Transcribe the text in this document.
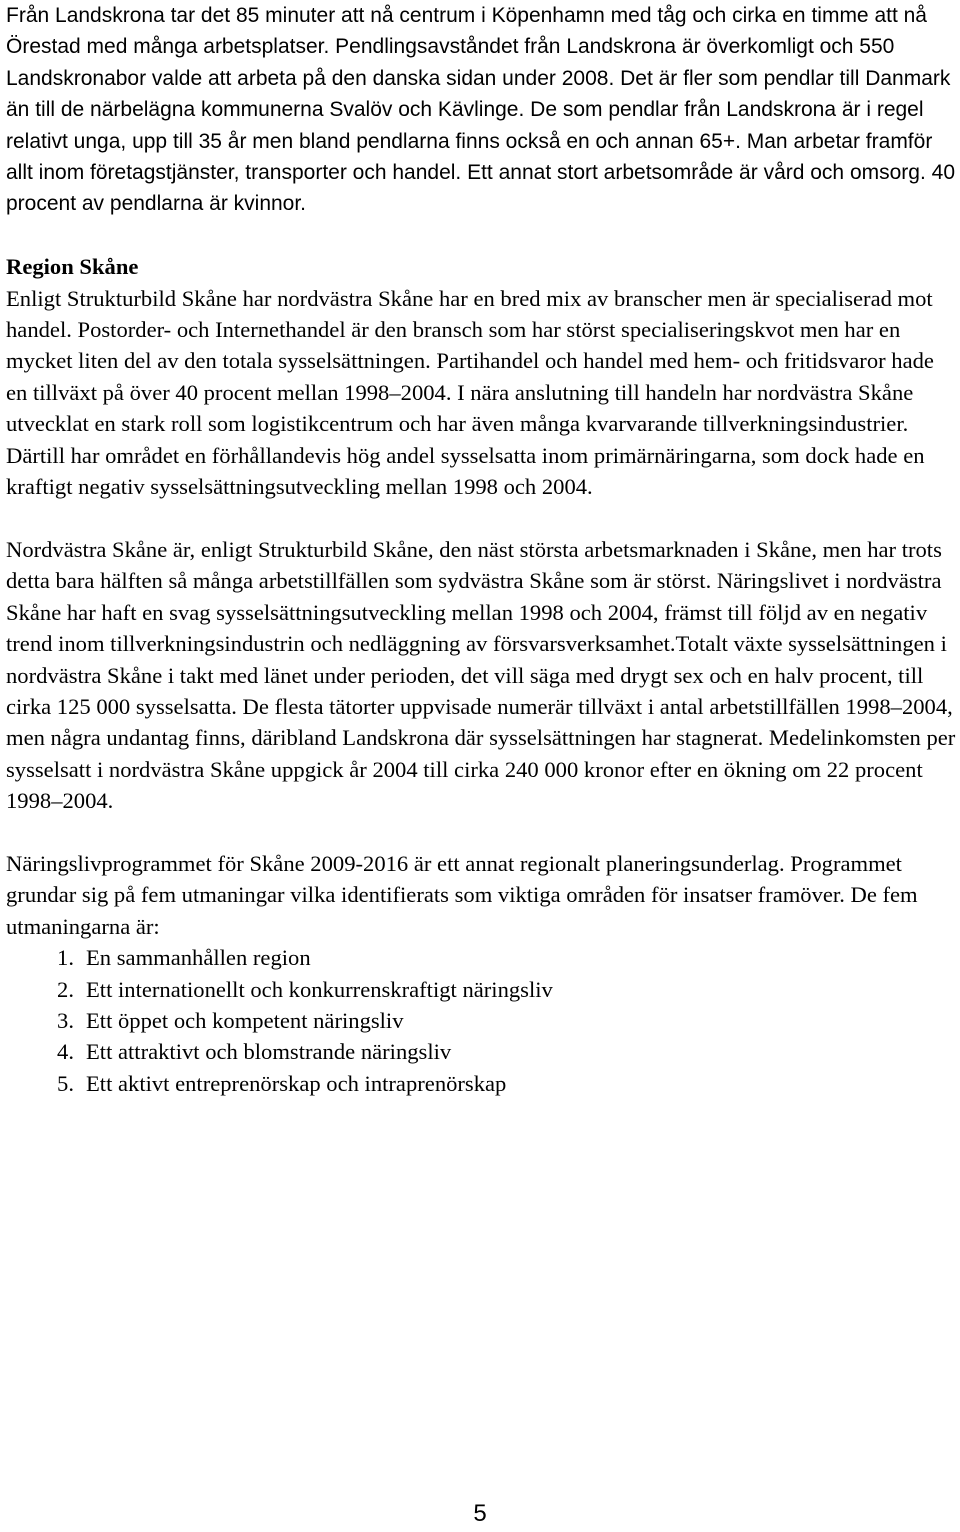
Från Landskrona tar det 85 minuter att nå centrum i Köpenhamn med tåg och cirka en timme att nå Örestad med många arbetsplatser. Pendlingsavståndet från Landskrona är överkomligt och 550 Landskronabor valde att arbeta på den danska sidan under 2008. Det är fler som pendlar till Danmark än till de närbelägna kommunerna Svalöv och Kävlinge. De som pendlar från Landskrona är i regel relativt unga, upp till 35 år men bland pendlarna finns också en och annan 65+. Man arbetar framför allt inom företagstjänster, transporter och handel. Ett annat stort arbetsområde är vård och omsorg. 40 procent av pendlarna är kvinnor.

Region Skåne

Enligt Strukturbild Skåne har nordvästra Skåne har en bred mix av branscher men är specialiserad mot handel. Postorder- och Internethandel är den bransch som har störst specialiseringskvot men har en mycket liten del av den totala sysselsättningen. Partihandel och handel med hem- och fritidsvaror hade en tillväxt på över 40 procent mellan 1998–2004. I nära anslutning till handeln har nordvästra Skåne utvecklat en stark roll som logistikcentrum och har även många kvarvarande tillverkningsindustrier. Därtill har området en förhållandevis hög andel sysselsatta inom primärnäringarna, som dock hade en kraftigt negativ sysselsättningsutveckling mellan 1998 och 2004.

Nordvästra Skåne är, enligt Strukturbild Skåne, den näst största arbetsmarknaden i Skåne, men har trots detta bara hälften så många arbetstillfällen som sydvästra Skåne som är störst. Näringslivet i nordvästra Skåne har haft en svag sysselsättningsutveckling mellan 1998 och 2004, främst till följd av en negativ trend inom tillverkningsindustrin och nedläggning av försvarsverksamhet.Totalt växte sysselsättningen i nordvästra Skåne i takt med länet under perioden, det vill säga med drygt sex och en halv procent, till cirka 125 000 sysselsatta. De flesta tätorter uppvisade numerär tillväxt i antal arbetstillfällen 1998–2004, men några undantag finns, däribland Landskrona där sysselsättningen har stagnerat. Medelinkomsten per sysselsatt i nordvästra Skåne uppgick år 2004 till cirka 240 000 kronor efter en ökning om 22 procent 1998–2004.

Näringslivprogrammet för Skåne 2009-2016 är ett annat regionalt planeringsunderlag. Programmet grundar sig på fem utmaningar vilka identifierats som viktiga områden för insatser framöver. De fem utmaningarna är:

1. En sammanhållen region
2. Ett internationellt och konkurrenskraftigt näringsliv
3. Ett öppet och kompetent näringsliv
4. Ett attraktivt och blomstrande näringsliv
5. Ett aktivt entreprenörskap och intraprenörskap
5
